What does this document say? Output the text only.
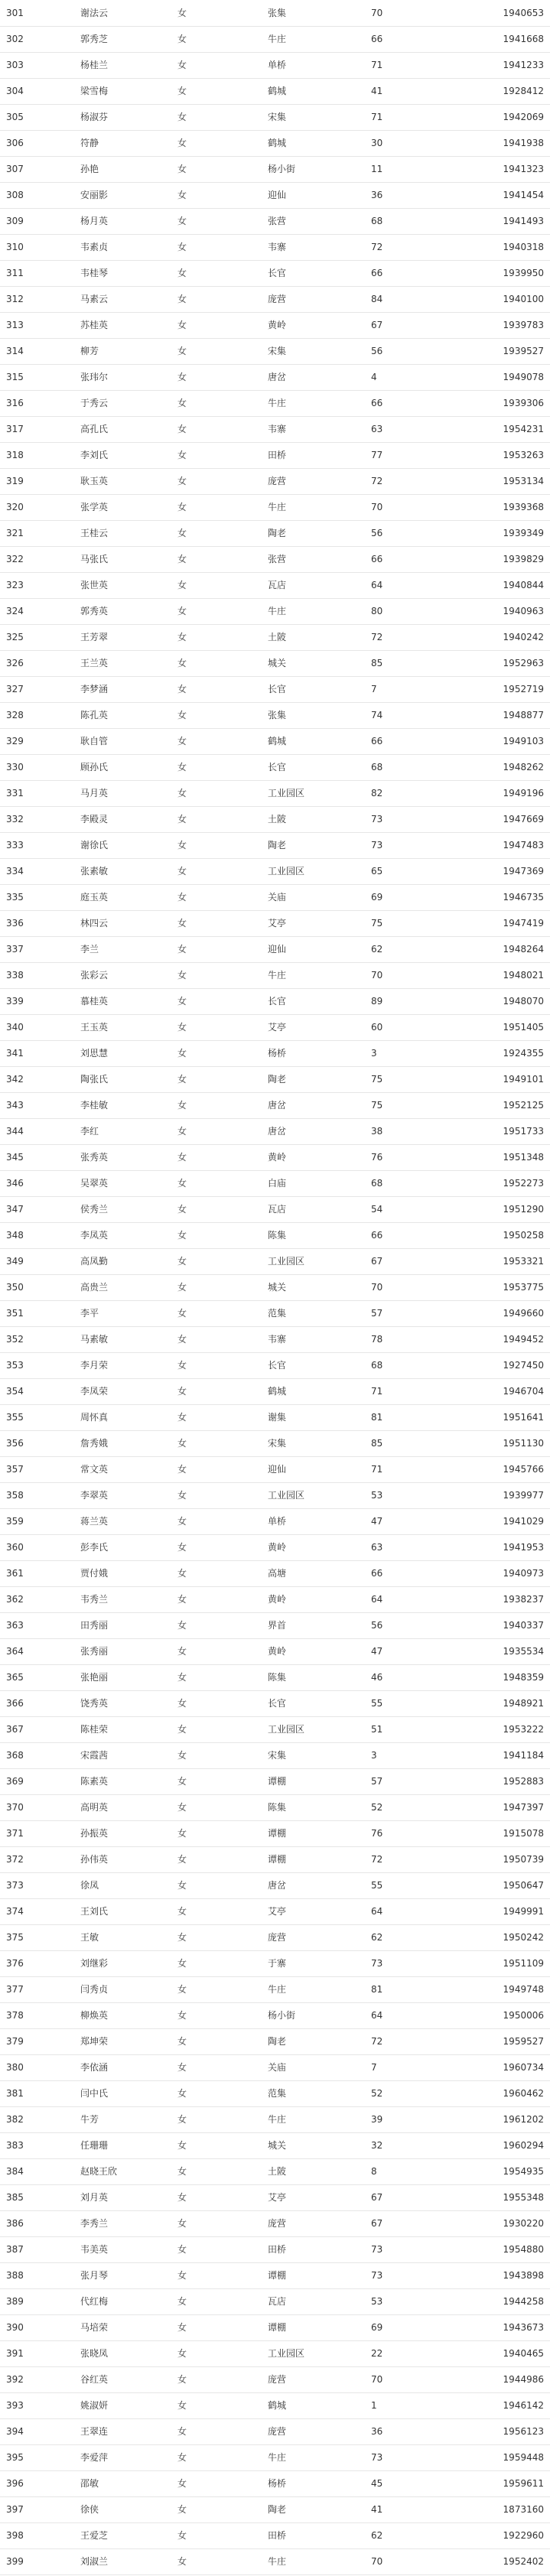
301	谢法云	女	张集	70	1940653
302	郭秀芝	女	牛庄	66	1941668
303	杨桂兰	女	单桥	71	1941233
304	梁雪梅	女	鹤城	41	1928412
305	杨淑芬	女	宋集	71	1942069
306	符静	女	鹤城	30	1941938
307	孙艳	女	杨小街	11	1941323
308	安丽影	女	迎仙	36	1941454
309	杨月英	女	张营	68	1941493
310	韦素贞	女	韦寨	72	1940318
311	韦桂琴	女	长官	66	1939950
312	马素云	女	庞营	84	1940100
313	苏桂英	女	黄岭	67	1939783
314	柳芳	女	宋集	56	1939527
315	张玮尔	女	唐岔	4	1949078
316	于秀云	女	牛庄	66	1939306
317	高孔氏	女	韦寨	63	1954231
318	李刘氏	女	田桥	77	1953263
319	耿玉英	女	庞营	72	1953134
320	张学英	女	牛庄	70	1939368
321	王桂云	女	陶老	56	1939349
322	马张氏	女	张营	66	1939829
323	张世英	女	瓦店	64	1940844
324	郭秀英	女	牛庄	80	1940963
325	王芳翠	女	土陂	72	1940242
326	王兰英	女	城关	85	1952963
327	李梦涵	女	长官	7	1952719
328	陈孔英	女	张集	74	1948877
329	耿自管	女	鹤城	66	1949103
330	顾孙氏	女	长官	68	1948262
331	马月英	女	工业园区	82	1949196
332	李殿灵	女	土陂	73	1947669
333	谢徐氏	女	陶老	73	1947483
334	张素敏	女	工业园区	65	1947369
335	庭玉英	女	关庙	69	1946735
336	林四云	女	艾亭	75	1947419
337	李兰	女	迎仙	62	1948264
338	张彩云	女	牛庄	70	1948021
339	慕桂英	女	长官	89	1948070
340	王玉英	女	艾亭	60	1951405
341	刘思慧	女	杨桥	3	1924355
342	陶张氏	女	陶老	75	1949101
343	李桂敏	女	唐岔	75	1952125
344	李红	女	唐岔	38	1951733
345	张秀英	女	黄岭	76	1951348
346	吴翠英	女	白庙	68	1952273
347	侯秀兰	女	瓦店	54	1951290
348	李凤英	女	陈集	66	1950258
349	高凤勤	女	工业园区	67	1953321
350	高贵兰	女	城关	70	1953775
351	李平	女	范集	57	1949660
352	马素敏	女	韦寨	78	1949452
353	李月荣	女	长官	68	1927450
354	李凤荣	女	鹤城	71	1946704
355	周怀真	女	谢集	81	1951641
356	詹秀娥	女	宋集	85	1951130
357	常文英	女	迎仙	71	1945766
358	李翠英	女	工业园区	53	1939977
359	蒋兰英	女	单桥	47	1941029
360	彭李氏	女	黄岭	63	1941953
361	贾付娥	女	高塘	66	1940973
362	韦秀兰	女	黄岭	64	1938237
363	田秀丽	女	界首	56	1940337
364	张秀丽	女	黄岭	47	1935534
365	张艳丽	女	陈集	46	1948359
366	饶秀英	女	长官	55	1948921
367	陈桂荣	女	工业园区	51	1953222
368	宋霞茜	女	宋集	3	1941184
369	陈素英	女	谭棚	57	1952883
370	高明英	女	陈集	52	1947397
371	孙振英	女	谭棚	76	1915078
372	孙伟英	女	谭棚	72	1950739
373	徐凤	女	唐岔	55	1950647
374	王刘氏	女	艾亭	64	1949991
375	王敏	女	庞营	62	1950242
376	刘继彩	女	于寨	73	1951109
377	闫秀贞	女	牛庄	81	1949748
378	柳焕英	女	杨小街	64	1950006
379	郑坤荣	女	陶老	72	1959527
380	李依涵	女	关庙	7	1960734
381	闫中氏	女	范集	52	1960462
382	牛芳	女	牛庄	39	1961202
383	任珊珊	女	城关	32	1960294
384	赵晓王欣	女	土陂	8	1954935
385	刘月英	女	艾亭	67	1955348
386	李秀兰	女	庞营	67	1930220
387	韦美英	女	田桥	73	1954880
388	张月琴	女	谭棚	73	1943898
389	代红梅	女	瓦店	53	1944258
390	马培荣	女	谭棚	69	1943673
391	张晓凤	女	工业园区	22	1940465
392	谷红英	女	庞营	70	1944986
393	姚淑妍	女	鹤城	1	1946142
394	王翠连	女	庞营	36	1956123
395	李爱萍	女	牛庄	73	1959448
396	邵敏	女	杨桥	45	1959611
397	徐侠	女	陶老	41	1873160
398	王爱芝	女	田桥	62	1922960
399	刘淑兰	女	牛庄	70	1952402
